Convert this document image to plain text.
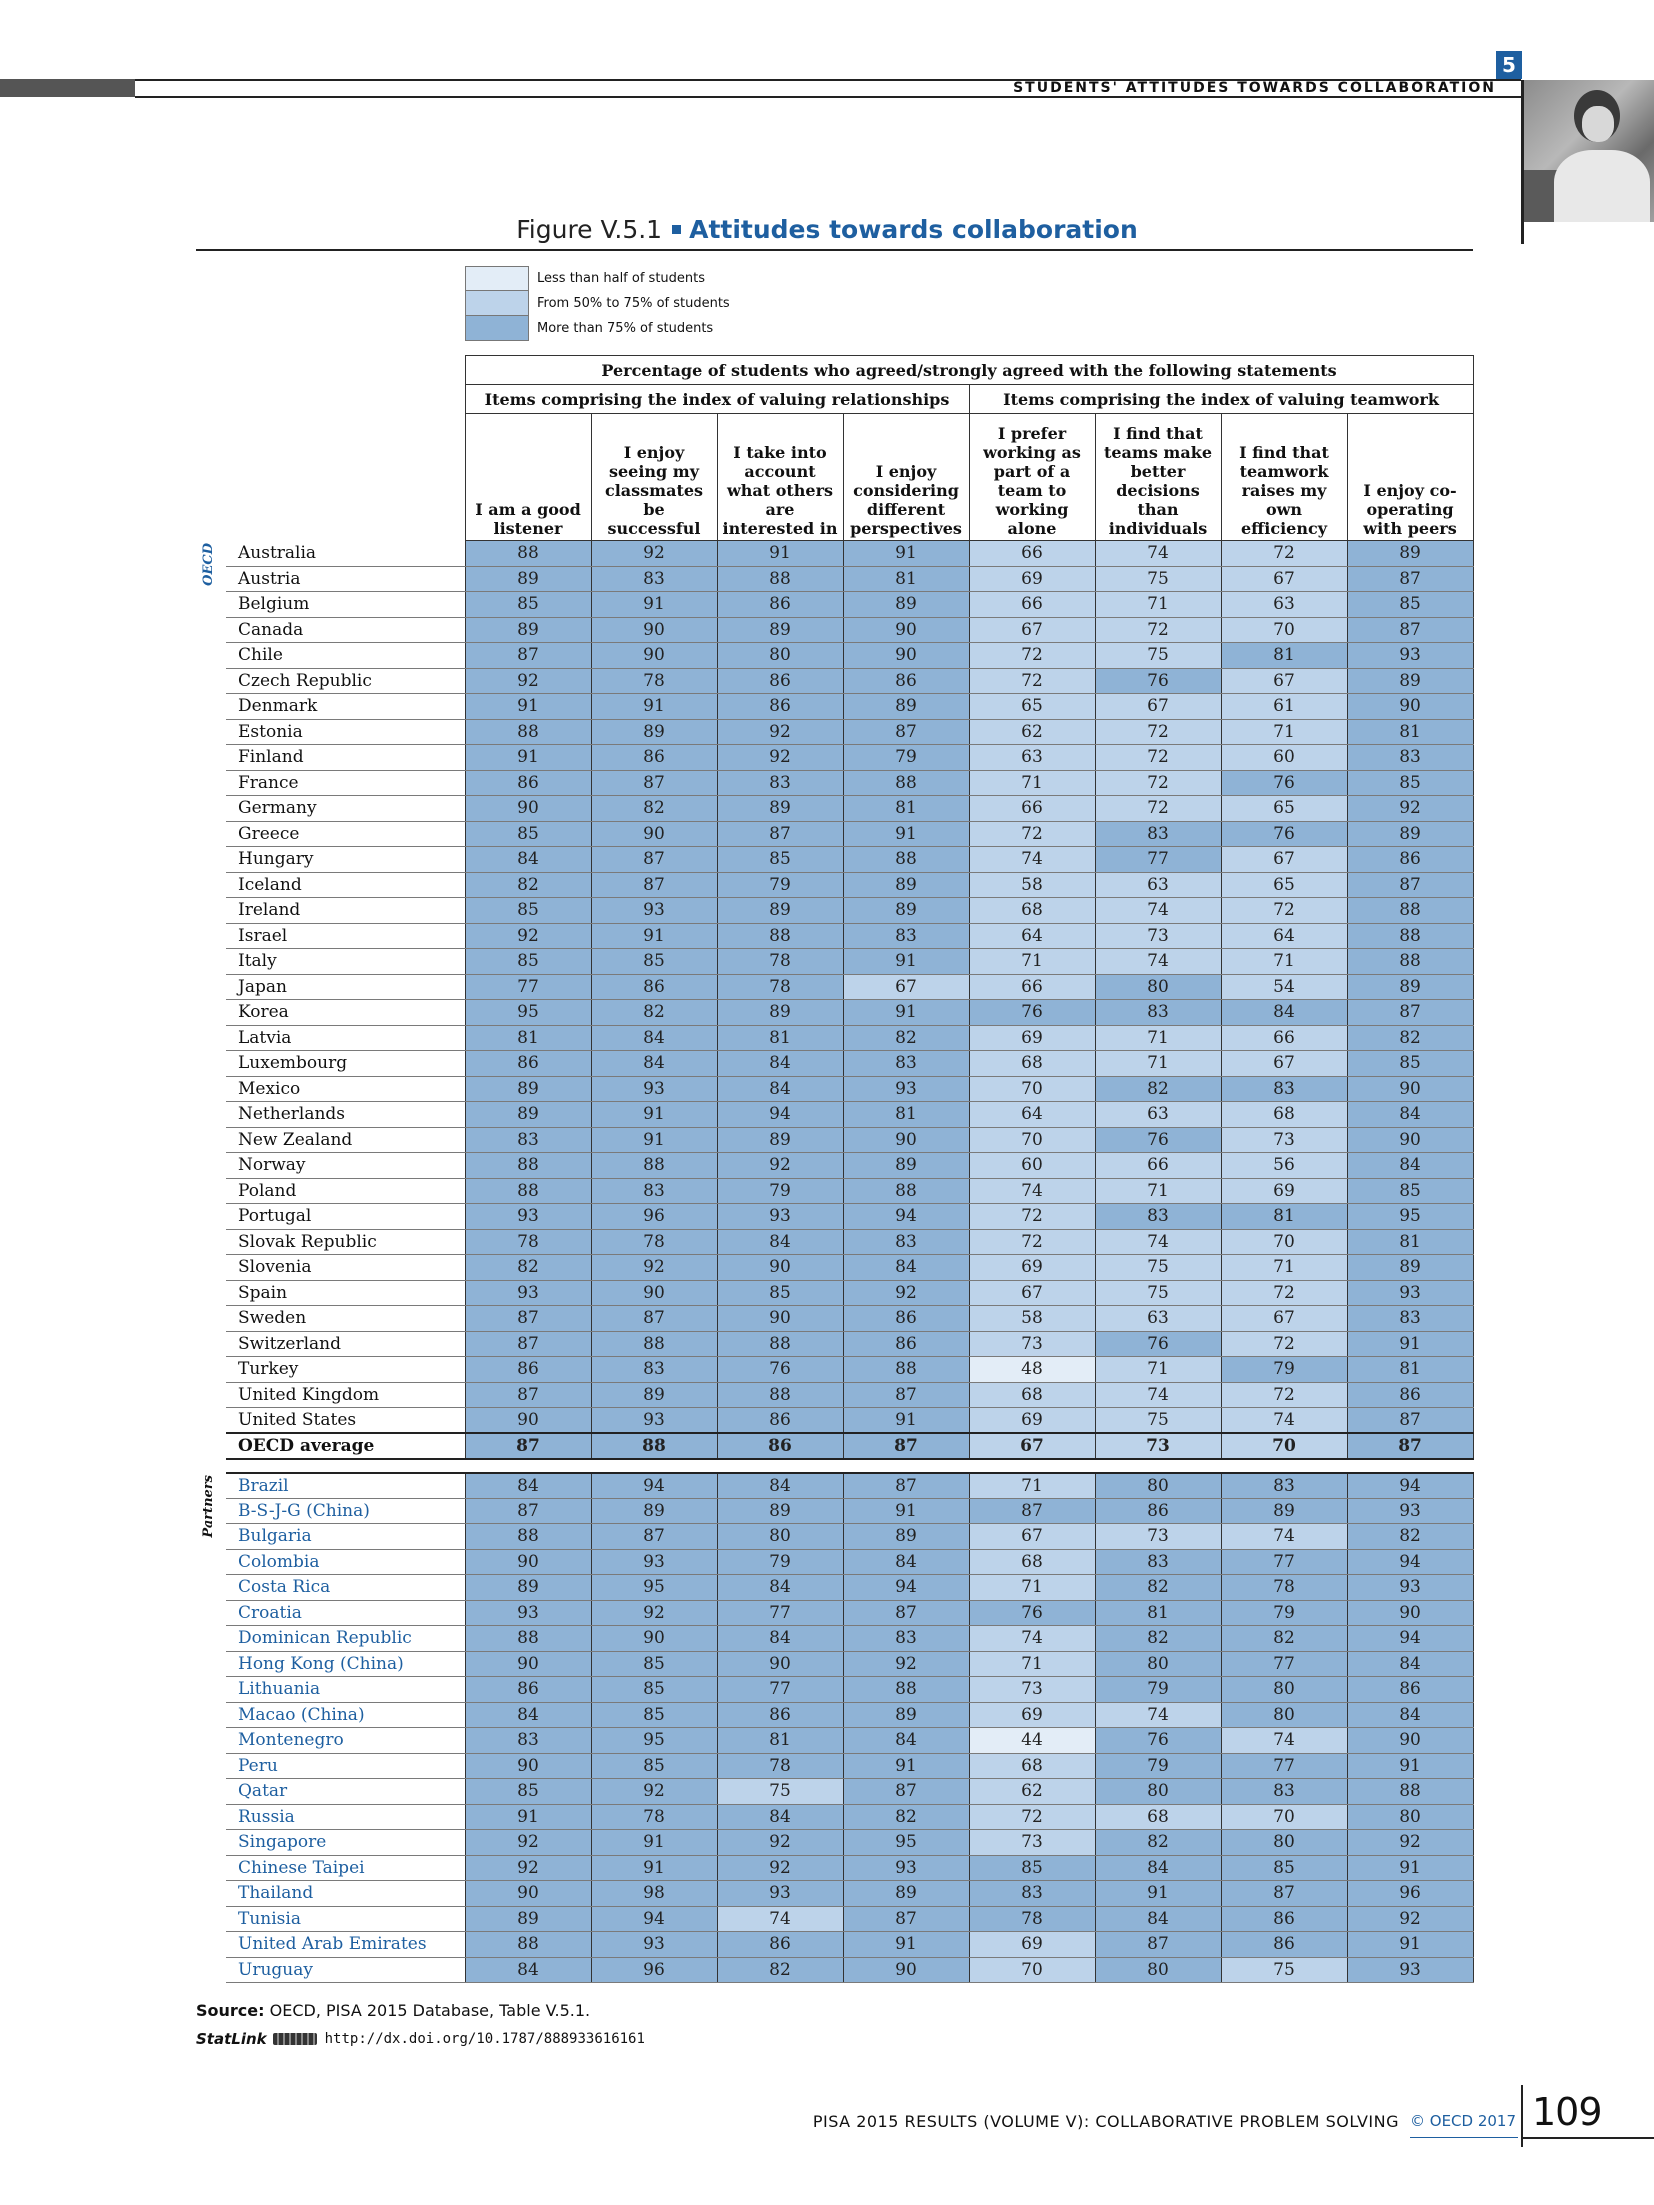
STUDENTS' ATTITUDES TOWARDS COLLABORATION
5
Figure V.5.1 Attitudes towards collaboration
Less than half of students
From 50% to 75% of students
More than 75% of students
		Percentage of students who agreed/strongly agreed with the following statements							
		Items comprising the index of valuing relationships				Items comprising the index of valuing teamwork			
		I am a good listener	I enjoy seeing my classmates be successful	I take into account what others are interested in	I enjoy considering different perspectives	I prefer working as part of a team to working alone	I find that teams make better decisions than individuals	I find that teamwork raises my own efficiency	I enjoy co-operating with peers

OECD	Australia	88	92	91	91	66	74	72	89
	Austria	89	83	88	81	69	75	67	87
	Belgium	85	91	86	89	66	71	63	85
	Canada	89	90	89	90	67	72	70	87
	Chile	87	90	80	90	72	75	81	93
	Czech Republic	92	78	86	86	72	76	67	89
	Denmark	91	91	86	89	65	67	61	90
	Estonia	88	89	92	87	62	72	71	81
	Finland	91	86	92	79	63	72	60	83
	France	86	87	83	88	71	72	76	85
	Germany	90	82	89	81	66	72	65	92
	Greece	85	90	87	91	72	83	76	89
	Hungary	84	87	85	88	74	77	67	86
	Iceland	82	87	79	89	58	63	65	87
	Ireland	85	93	89	89	68	74	72	88
	Israel	92	91	88	83	64	73	64	88
	Italy	85	85	78	91	71	74	71	88
	Japan	77	86	78	67	66	80	54	89
	Korea	95	82	89	91	76	83	84	87
	Latvia	81	84	81	82	69	71	66	82
	Luxembourg	86	84	84	83	68	71	67	85
	Mexico	89	93	84	93	70	82	83	90
	Netherlands	89	91	94	81	64	63	68	84
	New Zealand	83	91	89	90	70	76	73	90
	Norway	88	88	92	89	60	66	56	84
	Poland	88	83	79	88	74	71	69	85
	Portugal	93	96	93	94	72	83	81	95
	Slovak Republic	78	78	84	83	72	74	70	81
	Slovenia	82	92	90	84	69	75	71	89
	Spain	93	90	85	92	67	75	72	93
	Sweden	87	87	90	86	58	63	67	83
	Switzerland	87	88	88	86	73	76	72	91
	Turkey	86	83	76	88	48	71	79	81
	United Kingdom	87	89	88	87	68	74	72	86
	United States	90	93	86	91	69	75	74	87
	OECD average	87	88	86	87	67	73	70	87

Partners	Brazil	84	94	84	87	71	80	83	94
	B-S-J-G (China)	87	89	89	91	87	86	89	93
	Bulgaria	88	87	80	89	67	73	74	82
	Colombia	90	93	79	84	68	83	77	94
	Costa Rica	89	95	84	94	71	82	78	93
	Croatia	93	92	77	87	76	81	79	90
	Dominican Republic	88	90	84	83	74	82	82	94
	Hong Kong (China)	90	85	90	92	71	80	77	84
	Lithuania	86	85	77	88	73	79	80	86
	Macao (China)	84	85	86	89	69	74	80	84
	Montenegro	83	95	81	84	44	76	74	90
	Peru	90	85	78	91	68	79	77	91
	Qatar	85	92	75	87	62	80	83	88
	Russia	91	78	84	82	72	68	70	80
	Singapore	92	91	92	95	73	82	80	92
	Chinese Taipei	92	91	92	93	85	84	85	91
	Thailand	90	98	93	89	83	91	87	96
	Tunisia	89	94	74	87	78	84	86	92
	United Arab Emirates	88	93	86	91	69	87	86	91
	Uruguay	84	96	82	90	70	80	75	93
Source: OECD, PISA 2015 Database, Table V.5.1.
StatLink	http://dx.doi.org/10.1787/888933616161
PISA 2015 RESULTS (VOLUME V): COLLABORATIVE PROBLEM SOLVING © OECD 2017 109
